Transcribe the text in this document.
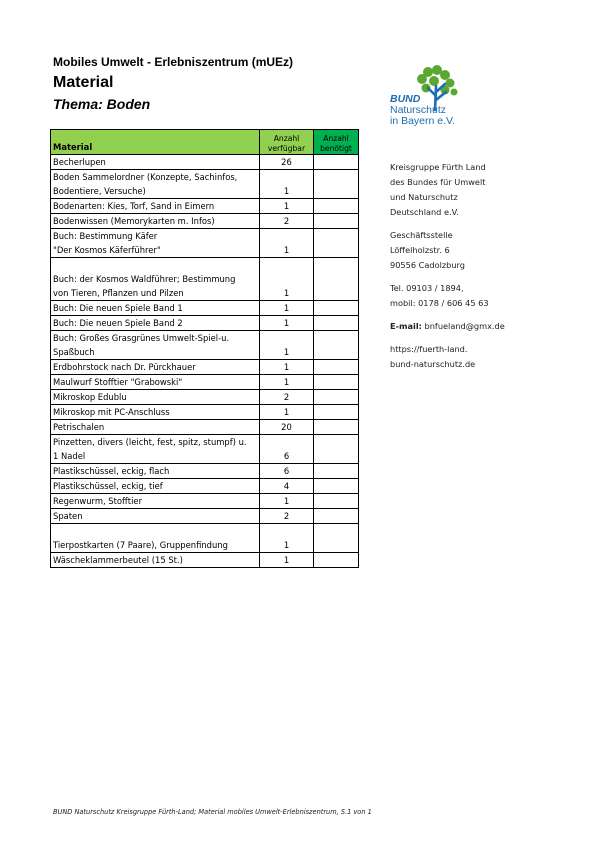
Mobiles Umwelt - Erlebniszentrum (mUEz)
Material
Thema: Boden	BUND
Naturschutz
in Bayern e.V.
Material	Anzahl verfügbar	Anzahl benötigt

Becherlupen	26	

Boden Sammelordner (Konzepte, Sachinfos,
Bodentiere, Versuche)	1	

Bodenarten: Kies, Torf, Sand in Eimern	1	

Bodenwissen (Memorykarten m. Infos)	2	

Buch: Bestimmung Käfer
"Der Kosmos Käferführer"	1	

Buch: der Kosmos Waldführer; Bestimmung
von Tieren, Pflanzen und Pilzen	1	

Buch: Die neuen Spiele Band 1	1	

Buch: Die neuen Spiele Band 2	1	

Buch: Großes Grasgrünes Umwelt-Spiel-u.
Spaßbuch	1	

Erdbohrstock nach Dr. Pürckhauer	1	

Maulwurf Stofftier "Grabowski"	1	

Mikroskop Edublu	2	

Mikroskop mit PC-Anschluss	1	

Petrischalen	20	

Pinzetten, divers (leicht, fest, spitz, stumpf) u.
1 Nadel	6	

Plastikschüssel, eckig, flach	6	

Plastikschüssel, eckig, tief	4	

Regenwurm, Stofftier	1	

Spaten	2	

Tierpostkarten (7 Paare), Gruppenfindung	1	

Wäscheklammerbeutel (15 St.)	1	
Kreisgruppe Fürth Land
des Bundes für Umwelt
und Naturschutz
Deutschland e.V.
Geschäftsstelle
Löffelholzstr. 6
90556 Cadolzburg
Tel. 09103 / 1894,
mobil: 0178 / 606 45 63
E-mail: bnfueland@gmx.de
https://fuerth-land.
bund-naturschutz.de
BUND Naturschutz Kreisgruppe Fürth-Land; Material mobiles Umwelt-Erlebniszentrum, S.1 von 1
